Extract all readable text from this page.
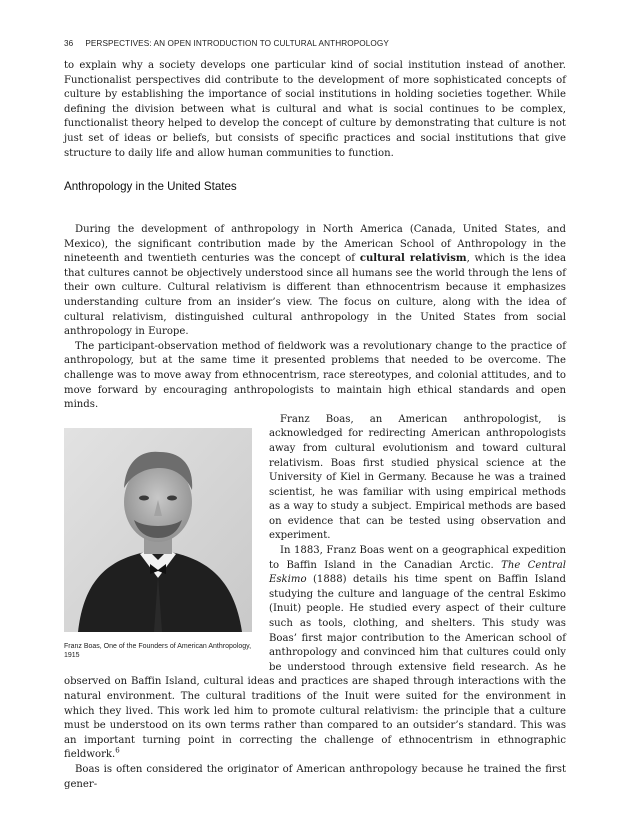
36 PERSPECTIVES: AN OPEN INTRODUCTION TO CULTURAL ANTHROPOLOGY

to explain why a society develops one particular kind of social institution instead of another. Functionalist perspectives did contribute to the development of more sophisticated concepts of culture by establishing the importance of social institutions in holding societies together. While defining the division between what is cultural and what is social continues to be complex, functionalist theory helped to develop the concept of culture by demonstrating that culture is not just set of ideas or beliefs, but consists of specific practices and social institutions that give structure to daily life and allow human communities to function.

Anthropology in the United States

During the development of anthropology in North America (Canada, United States, and Mexico), the significant contribution made by the American School of Anthropology in the nineteenth and twentieth centuries was the concept of cultural relativism, which is the idea that cultures cannot be objectively understood since all humans see the world through the lens of their own culture. Cultural relativism is different than ethnocentrism because it emphasizes understanding culture from an insider’s view. The focus on culture, along with the idea of cultural relativism, distinguished cultural anthropology in the United States from social anthropology in Europe.

The participant-observation method of fieldwork was a revolutionary change to the practice of anthropology, but at the same time it presented problems that needed to be overcome. The challenge was to move away from ethnocentrism, race stereotypes, and colonial attitudes, and to move forward by encouraging anthropologists to maintain high ethical standards and open minds.

Franz Boas, One of the Founders of American Anthropology, 1915

Franz Boas, an American anthropologist, is acknowledged for redirecting American anthropologists away from cultural evolutionism and toward cultural relativism. Boas first studied physical science at the University of Kiel in Germany. Because he was a trained scientist, he was familiar with using empirical methods as a way to study a subject. Empirical methods are based on evidence that can be tested using observation and experiment.

In 1883, Franz Boas went on a geographical expedition to Baffin Island in the Canadian Arctic. The Central Eskimo (1888) details his time spent on Baffin Island studying the culture and language of the central Eskimo (Inuit) people. He studied every aspect of their culture such as tools, clothing, and shelters. This study was Boas’ first major contribution to the American school of anthropology and convinced him that cultures could only be understood through extensive field research. As he observed on Baffin Island, cultural ideas and practices are shaped through interactions with the natural environment. The cultural traditions of the Inuit were suited for the environment in which they lived. This work led him to promote cultural relativism: the principle that a culture must be understood on its own terms rather than compared to an outsider’s standard. This was an important turning point in correcting the challenge of ethnocentrism in ethnographic fieldwork.$^6$

Boas is often considered the originator of American anthropology because he trained the first gener-
